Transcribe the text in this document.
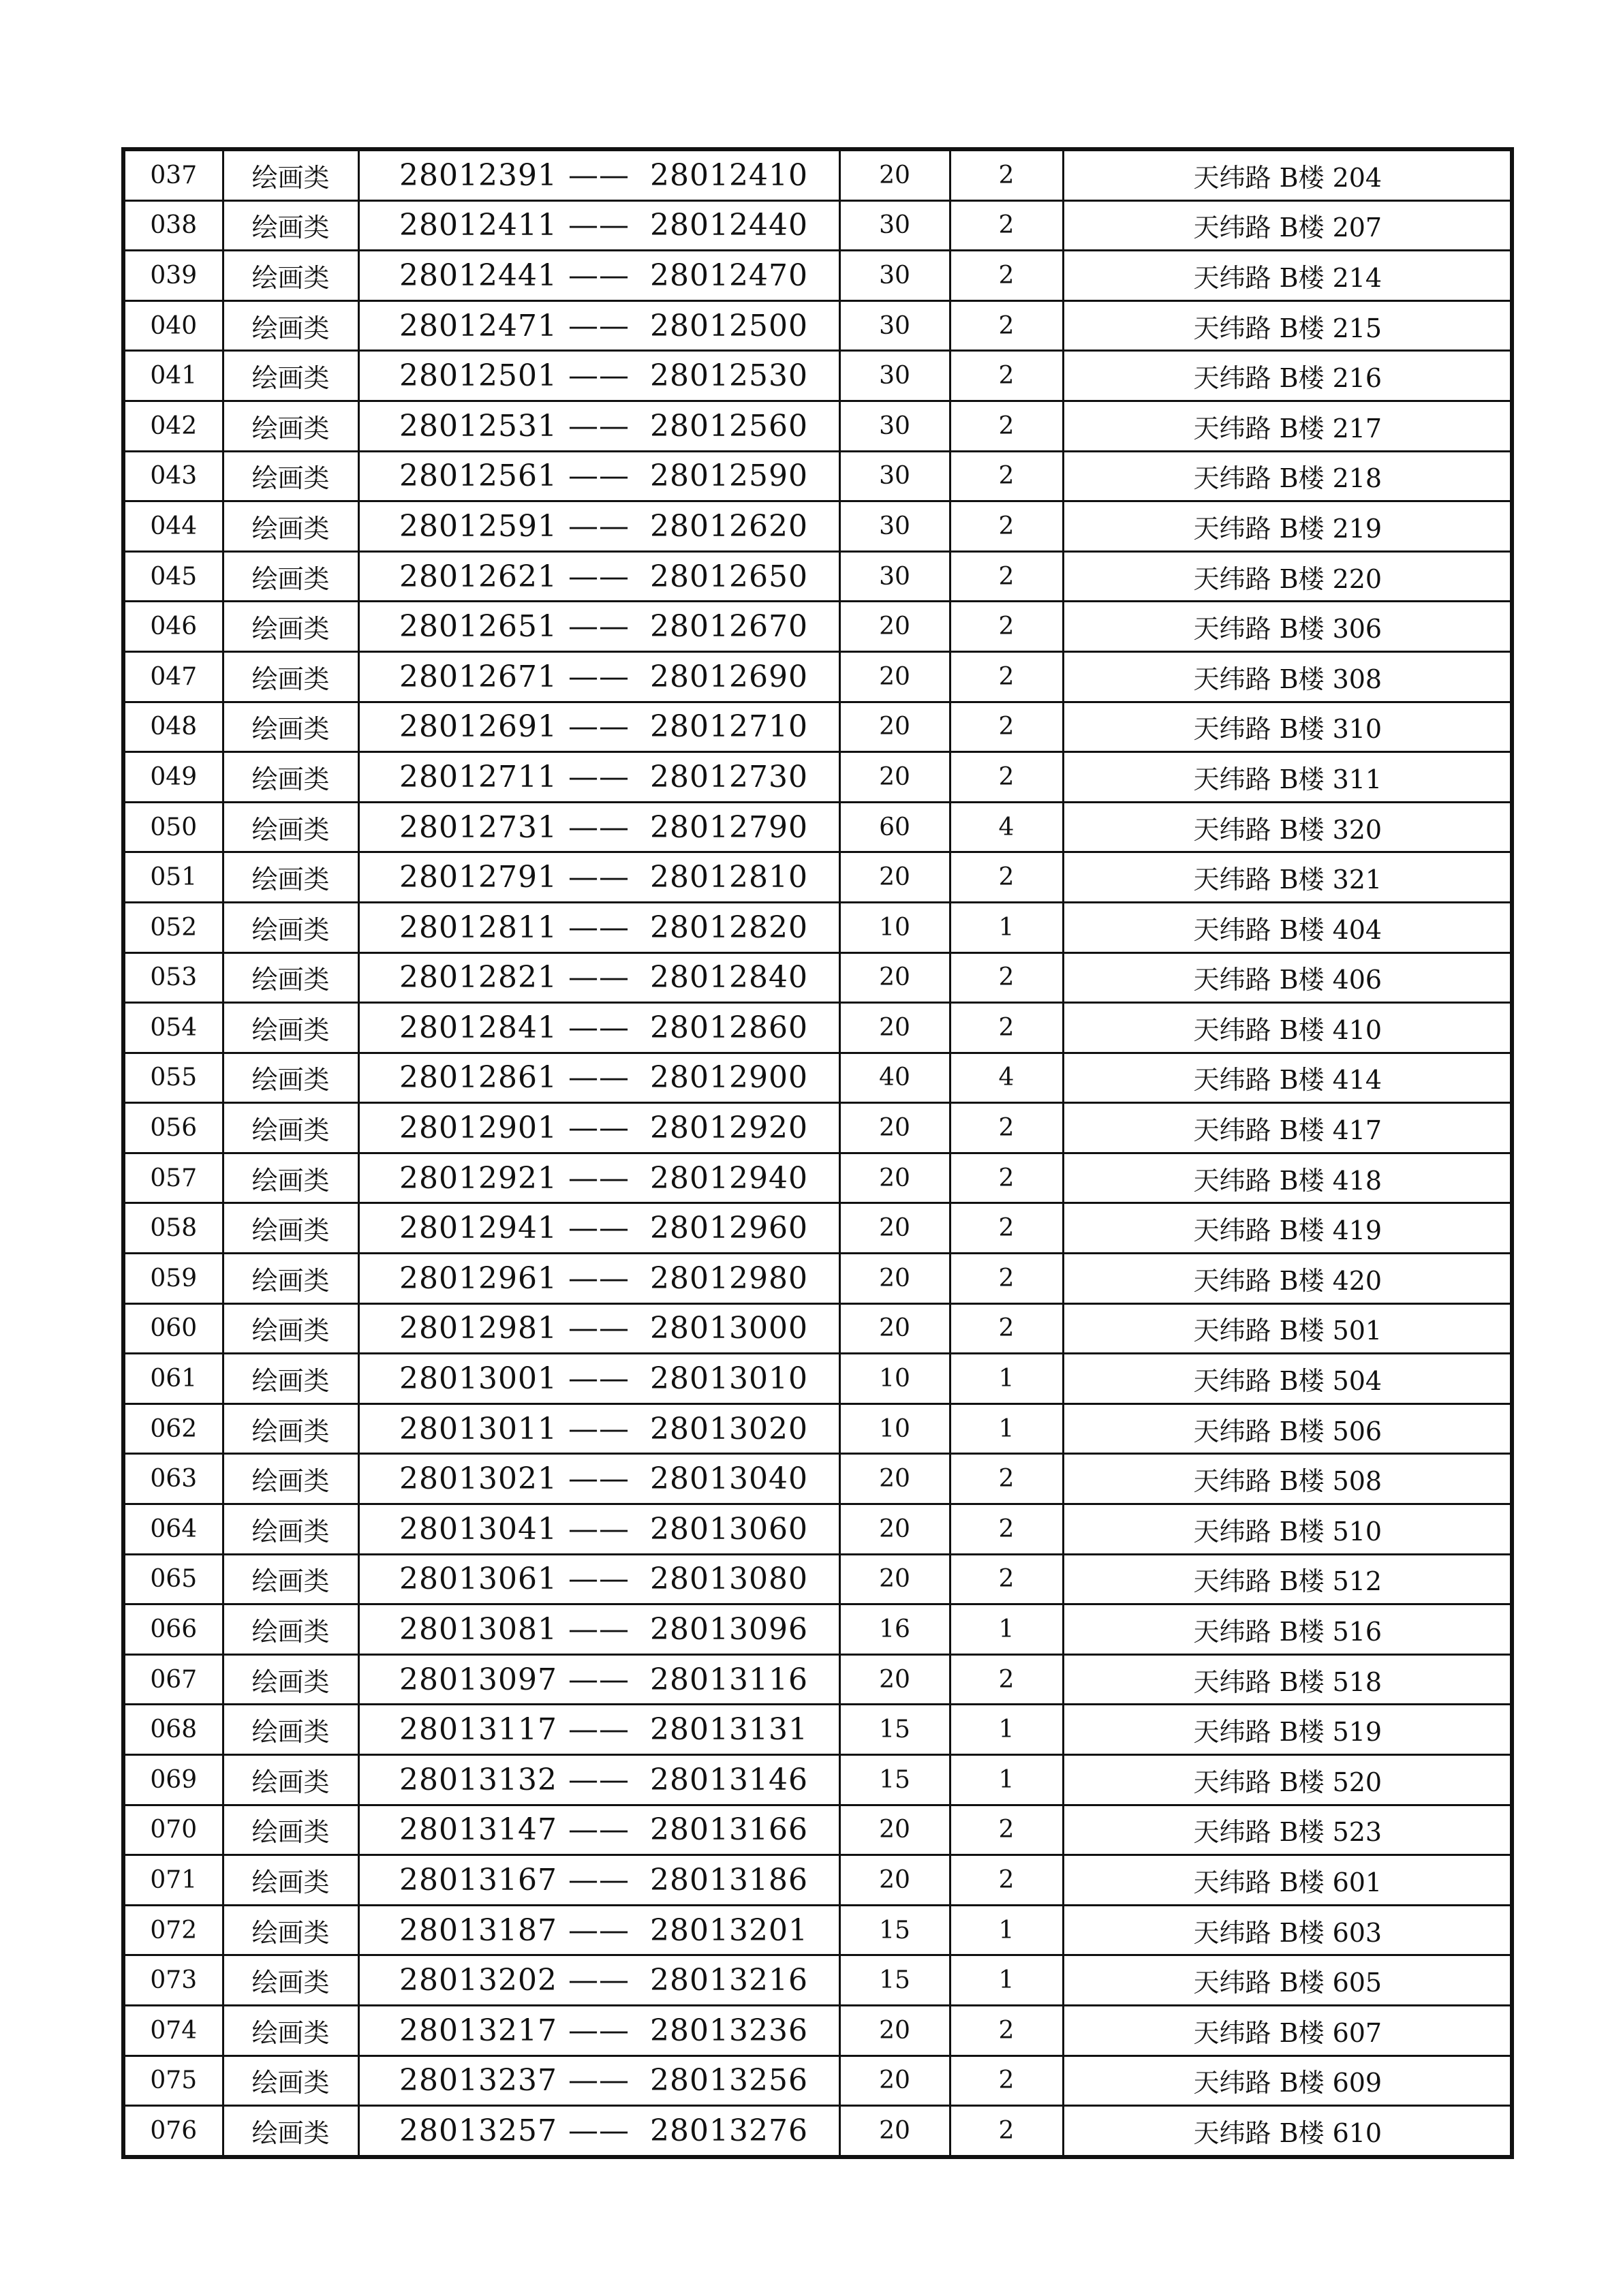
037	绘画类	28012391 —— 28012410	20	2	天纬路 B楼 204
038	绘画类	28012411 —— 28012440	30	2	天纬路 B楼 207
039	绘画类	28012441 —— 28012470	30	2	天纬路 B楼 214
040	绘画类	28012471 —— 28012500	30	2	天纬路 B楼 215
041	绘画类	28012501 —— 28012530	30	2	天纬路 B楼 216
042	绘画类	28012531 —— 28012560	30	2	天纬路 B楼 217
043	绘画类	28012561 —— 28012590	30	2	天纬路 B楼 218
044	绘画类	28012591 —— 28012620	30	2	天纬路 B楼 219
045	绘画类	28012621 —— 28012650	30	2	天纬路 B楼 220
046	绘画类	28012651 —— 28012670	20	2	天纬路 B楼 306
047	绘画类	28012671 —— 28012690	20	2	天纬路 B楼 308
048	绘画类	28012691 —— 28012710	20	2	天纬路 B楼 310
049	绘画类	28012711 —— 28012730	20	2	天纬路 B楼 311
050	绘画类	28012731 —— 28012790	60	4	天纬路 B楼 320
051	绘画类	28012791 —— 28012810	20	2	天纬路 B楼 321
052	绘画类	28012811 —— 28012820	10	1	天纬路 B楼 404
053	绘画类	28012821 —— 28012840	20	2	天纬路 B楼 406
054	绘画类	28012841 —— 28012860	20	2	天纬路 B楼 410
055	绘画类	28012861 —— 28012900	40	4	天纬路 B楼 414
056	绘画类	28012901 —— 28012920	20	2	天纬路 B楼 417
057	绘画类	28012921 —— 28012940	20	2	天纬路 B楼 418
058	绘画类	28012941 —— 28012960	20	2	天纬路 B楼 419
059	绘画类	28012961 —— 28012980	20	2	天纬路 B楼 420
060	绘画类	28012981 —— 28013000	20	2	天纬路 B楼 501
061	绘画类	28013001 —— 28013010	10	1	天纬路 B楼 504
062	绘画类	28013011 —— 28013020	10	1	天纬路 B楼 506
063	绘画类	28013021 —— 28013040	20	2	天纬路 B楼 508
064	绘画类	28013041 —— 28013060	20	2	天纬路 B楼 510
065	绘画类	28013061 —— 28013080	20	2	天纬路 B楼 512
066	绘画类	28013081 —— 28013096	16	1	天纬路 B楼 516
067	绘画类	28013097 —— 28013116	20	2	天纬路 B楼 518
068	绘画类	28013117 —— 28013131	15	1	天纬路 B楼 519
069	绘画类	28013132 —— 28013146	15	1	天纬路 B楼 520
070	绘画类	28013147 —— 28013166	20	2	天纬路 B楼 523
071	绘画类	28013167 —— 28013186	20	2	天纬路 B楼 601
072	绘画类	28013187 —— 28013201	15	1	天纬路 B楼 603
073	绘画类	28013202 —— 28013216	15	1	天纬路 B楼 605
074	绘画类	28013217 —— 28013236	20	2	天纬路 B楼 607
075	绘画类	28013237 —— 28013256	20	2	天纬路 B楼 609
076	绘画类	28013257 —— 28013276	20	2	天纬路 B楼 610
